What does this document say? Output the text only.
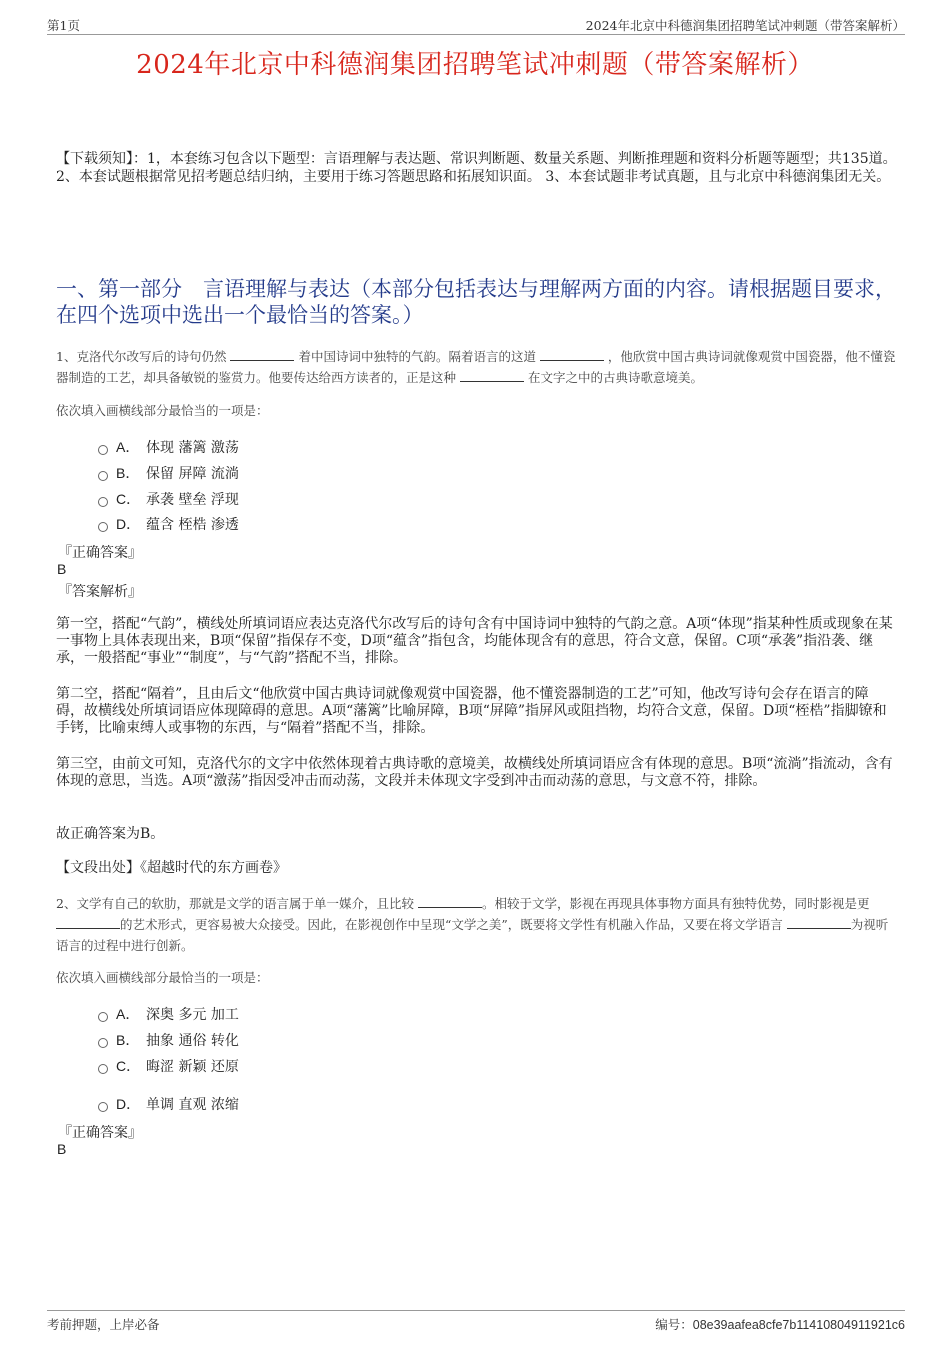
第1页	2024年北京中科德润集团招聘笔试冲刺题（带答案解析）
2024年北京中科德润集团招聘笔试冲刺题（带答案解析）
【下载须知】：1，本套练习包含以下题型：言语理解与表达题、常识判断题、数量关系题、判断推理题和资料分析题等题型；共135道。 2、本套试题根据常见招考题总结归纳，主要用于练习答题思路和拓展知识面。 3、本套试题非考试真题，且与北京中科德润集团无关。
一、第一部分　言语理解与表达（本部分包括表达与理解两方面的内容。请根据题目要求，在四个选项中选出一个最恰当的答案。）
1、克洛代尔改写后的诗句仍然	着中国诗词中独特的气韵。隔着语言的这道	，他欣赏中国古典诗词就像观赏中国瓷器，他不懂瓷器制造的工艺，却具备敏锐的鉴赏力。他要传达给西方读者的，正是这种	在文字之中的古典诗歌意境美。
依次填入画横线部分最恰当的一项是：
A． 体现 藩篱 激荡
B． 保留 屏障 流淌
C． 承袭 壁垒 浮现
D． 蕴含 桎梏 渗透
『正确答案』
B
『答案解析』
第一空，搭配“气韵”，横线处所填词语应表达克洛代尔改写后的诗句含有中国诗词中独特的气韵之意。A项“体现”指某种性质或现象在某一事物上具体表现出来，B项“保留”指保存不变，D项“蕴含”指包含，均能体现含有的意思，符合文意，保留。C项“承袭”指沿袭、继承，一般搭配“事业”“制度”，与“气韵”搭配不当，排除。
第二空，搭配“隔着”，且由后文“他欣赏中国古典诗词就像观赏中国瓷器，他不懂瓷器制造的工艺”可知，他改写诗句会存在语言的障碍，故横线处所填词语应体现障碍的意思。A项“藩篱”比喻屏障，B项“屏障”指屏风或阻挡物，均符合文意，保留。D项“桎梏”指脚镣和手铐，比喻束缚人或事物的东西，与“隔着”搭配不当，排除。
第三空，由前文可知，克洛代尔的文字中依然体现着古典诗歌的意境美，故横线处所填词语应含有体现的意思。B项“流淌”指流动，含有体现的意思，当选。A项“激荡”指因受冲击而动荡，文段并未体现文字受到冲击而动荡的意思，与文意不符，排除。
故正确答案为B。
【文段出处】《超越时代的东方画卷》
2、文学有自己的软肋，那就是文学的语言属于单一媒介，且比较	。相较于文学，影视在再现具体事物方面具有独特优势，同时影视是更 的艺术形式，更容易被大众接受。因此，在影视创作中呈现“文学之美”，既要将文学性有机融入作品，又要在将文学语言	为视听语言的过程中进行创新。
依次填入画横线部分最恰当的一项是：
A． 深奥 多元 加工
B． 抽象 通俗 转化
C． 晦涩 新颖 还原
D． 单调 直观 浓缩
『正确答案』
B
考前押题，上岸必备	编号：08e39aafea8cfe7b11410804911921c6
